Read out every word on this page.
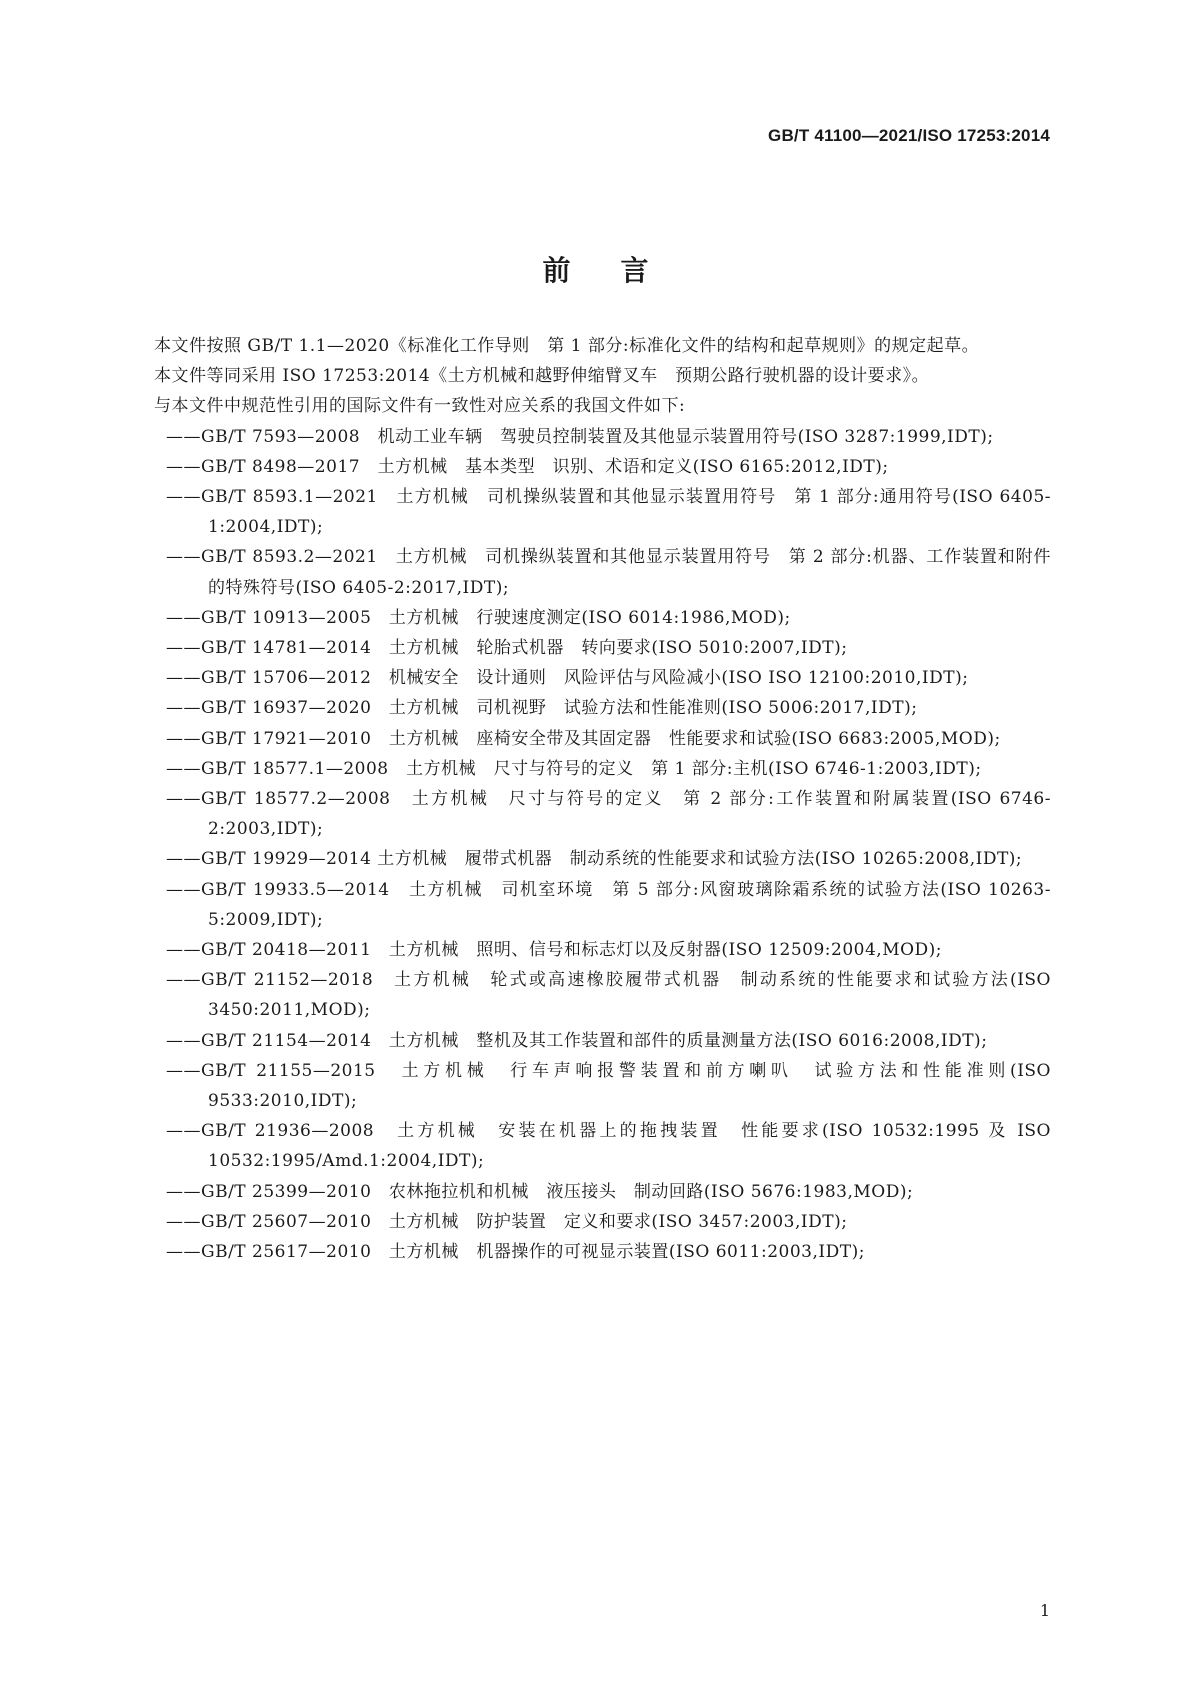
GB/T 41100—2021/ISO 17253:2014
前言

本文件按照 GB/T 1.1—2020《标准化工作导则　第 1 部分:标准化文件的结构和起草规则》的规定起草。

本文件等同采用 ISO 17253:2014《土方机械和越野伸缩臂叉车　预期公路行驶机器的设计要求》。

与本文件中规范性引用的国际文件有一致性对应关系的我国文件如下:

——GB/T 7593—2008　机动工业车辆　驾驶员控制装置及其他显示装置用符号(ISO 3287:1999,IDT);
——GB/T 8498—2017　土方机械　基本类型　识别、术语和定义(ISO 6165:2012,IDT);
——GB/T 8593.1—2021　土方机械　司机操纵装置和其他显示装置用符号　第 1 部分:通用符号(ISO 6405-1:2004,IDT);
——GB/T 8593.2—2021　土方机械　司机操纵装置和其他显示装置用符号　第 2 部分:机器、工作装置和附件的特殊符号(ISO 6405-2:2017,IDT);
——GB/T 10913—2005　土方机械　行驶速度测定(ISO 6014:1986,MOD);
——GB/T 14781—2014　土方机械　轮胎式机器　转向要求(ISO 5010:2007,IDT);
——GB/T 15706—2012　机械安全　设计通则　风险评估与风险减小(ISO ISO 12100:2010,IDT);
——GB/T 16937—2020　土方机械　司机视野　试验方法和性能准则(ISO 5006:2017,IDT);
——GB/T 17921—2010　土方机械　座椅安全带及其固定器　性能要求和试验(ISO 6683:2005,MOD);
——GB/T 18577.1—2008　土方机械　尺寸与符号的定义　第 1 部分:主机(ISO 6746-1:2003,IDT);
——GB/T 18577.2—2008　土方机械　尺寸与符号的定义　第 2 部分:工作装置和附属装置(ISO 6746-2:2003,IDT);
——GB/T 19929—2014 土方机械　履带式机器　制动系统的性能要求和试验方法(ISO 10265:2008,IDT);
——GB/T 19933.5—2014　土方机械　司机室环境　第 5 部分:风窗玻璃除霜系统的试验方法(ISO 10263-5:2009,IDT);
——GB/T 20418—2011　土方机械　照明、信号和标志灯以及反射器(ISO 12509:2004,MOD);
——GB/T 21152—2018　土方机械　轮式或高速橡胶履带式机器　制动系统的性能要求和试验方法(ISO 3450:2011,MOD);
——GB/T 21154—2014　土方机械　整机及其工作装置和部件的质量测量方法(ISO 6016:2008,IDT);
——GB/T 21155—2015　土方机械　行车声响报警装置和前方喇叭　试验方法和性能准则(ISO 9533:2010,IDT);
——GB/T 21936—2008　土方机械　安装在机器上的拖拽装置　性能要求(ISO 10532:1995 及 ISO 10532:1995/Amd.1:2004,IDT);
——GB/T 25399—2010　农林拖拉机和机械　液压接头　制动回路(ISO 5676:1983,MOD);
——GB/T 25607—2010　土方机械　防护装置　定义和要求(ISO 3457:2003,IDT);
——GB/T 25617—2010　土方机械　机器操作的可视显示装置(ISO 6011:2003,IDT);
1
